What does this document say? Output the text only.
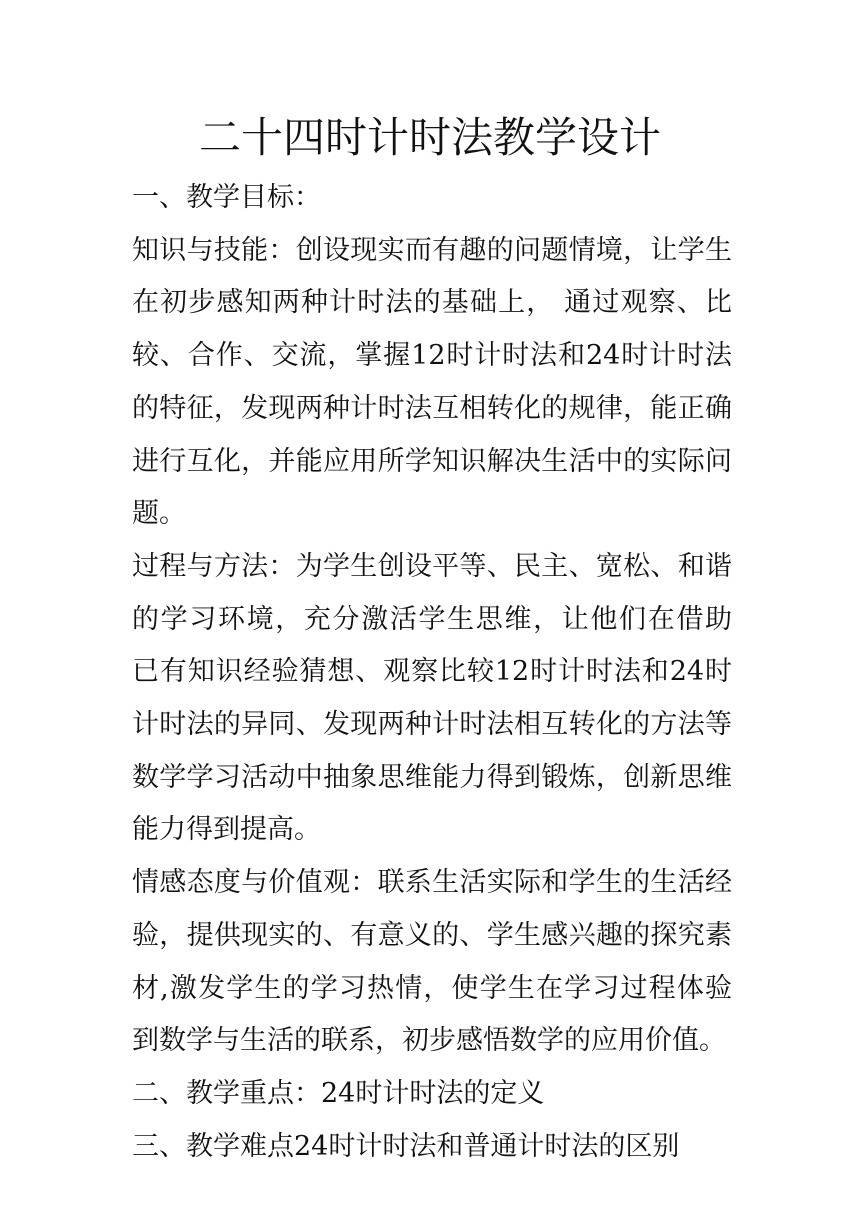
二十四时计时法教学设计

一、教学目标：

知识与技能：创设现实而有趣的问题情境，让学生在初步感知两种计时法的基础上， 通过观察、比　　较、合作、交流，掌握12时计时法和24时计时法的特征，发现两种计时法互相转化的规律，能正确进行互化，并能应用所学知识解决生活中的实际问题。

过程与方法：为学生创设平等、民主、宽松、和谐的学习环境，充分激活学生思维，让他们在借助 已有知识经验猜想、观察比较12时计时法和24时计时法的异同、发现两种计时法相互转化的方法等数学学习活动中抽象思维能力得到锻炼，创新思维能力得到提高。

情感态度与价值观：联系生活实际和学生的生活经验，提供现实的、有意义的、学生感兴趣的探究素材,激发学生的学习热情，使学生在学习过程体验到数学与生活的联系，初步感悟数学的应用价值。

二、教学重点：24时计时法的定义

三、教学难点24时计时法和普通计时法的区别
